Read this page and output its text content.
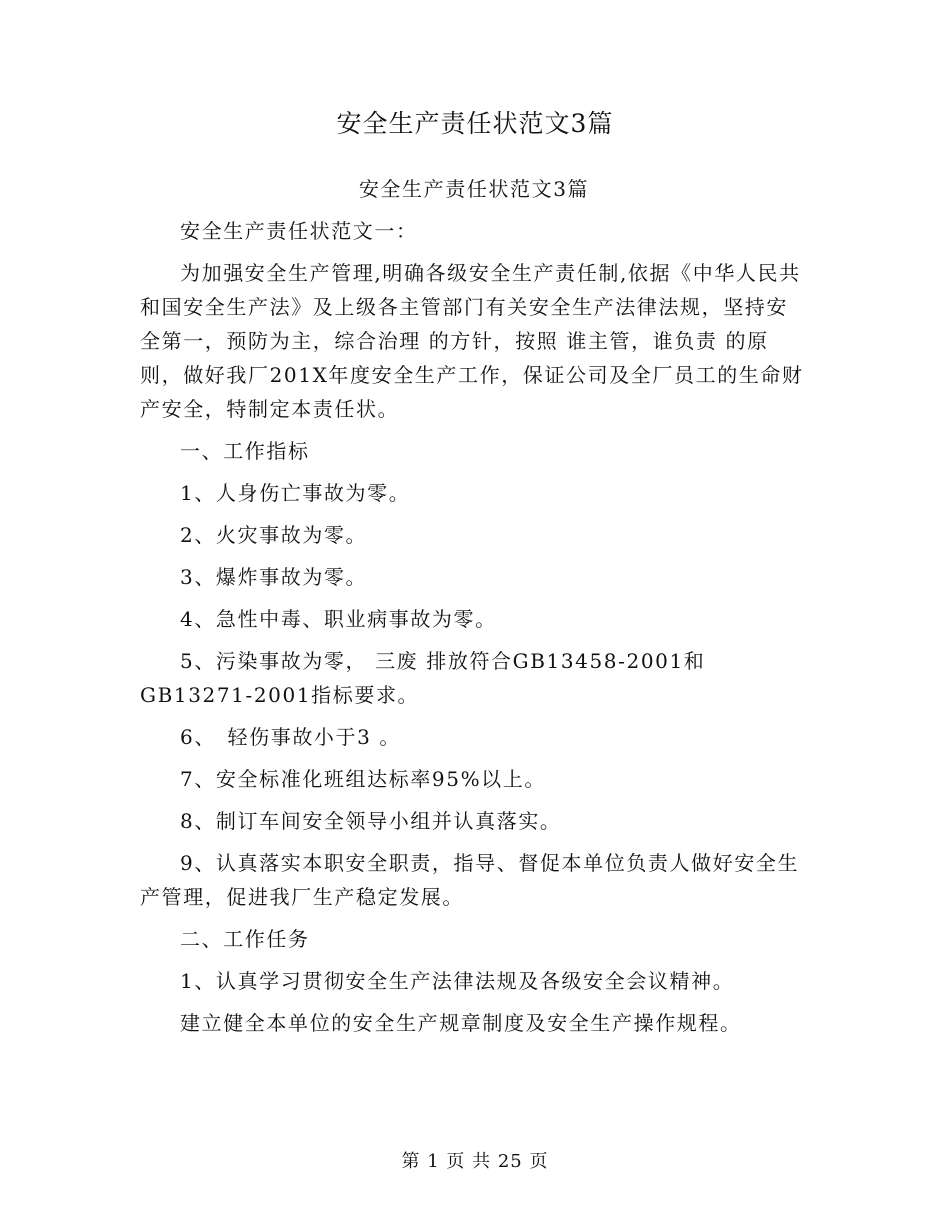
安全生产责任状范文3篇

安全生产责任状范文3篇

安全生产责任状范文一：

为加强安全生产管理,明确各级安全生产责任制,依据《中华人民共和国安全生产法》及上级各主管部门有关安全生产法律法规，坚持安全第一，预防为主，综合治理 的方针，按照 谁主管，谁负责 的原则，做好我厂201X年度安全生产工作，保证公司及全厂员工的生命财产安全，特制定本责任状。

一、工作指标

1、人身伤亡事故为零。

2、火灾事故为零。

3、爆炸事故为零。

4、急性中毒、职业病事故为零。

5、污染事故为零， 三废 排放符合GB13458-2001和GB13271-2001指标要求。

6、　轻伤事故小于3 。

7、安全标准化班组达标率95%以上。

8、制订车间安全领导小组并认真落实。

9、认真落实本职安全职责，指导、督促本单位负责人做好安全生产管理，促进我厂生产稳定发展。

二、工作任务

1、认真学习贯彻安全生产法律法规及各级安全会议精神。

建立健全本单位的安全生产规章制度及安全生产操作规程。

第 1 页 共 25 页
